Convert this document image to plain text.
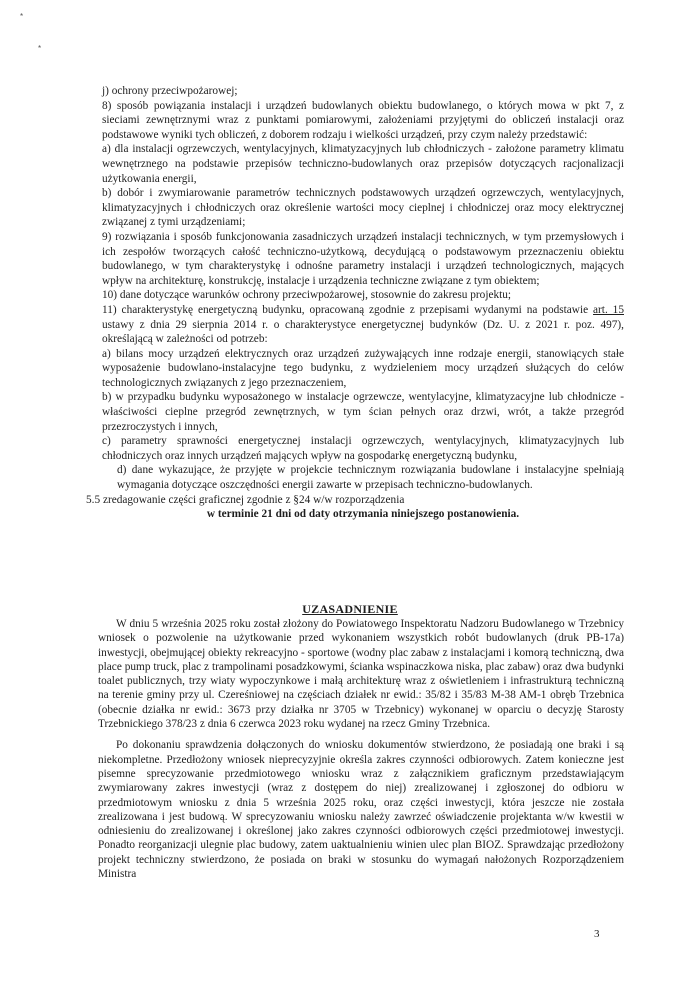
*
*

j) ochrony przeciwpożarowej;

8) sposób powiązania instalacji i urządzeń budowlanych obiektu budowlanego, o których mowa w pkt 7, z sieciami zewnętrznymi wraz z punktami pomiarowymi, założeniami przyjętymi do obliczeń instalacji oraz podstawowe wyniki tych obliczeń, z doborem rodzaju i wielkości urządzeń, przy czym należy przedstawić:

a) dla instalacji ogrzewczych, wentylacyjnych, klimatyzacyjnych lub chłodniczych - założone parametry klimatu wewnętrznego na podstawie przepisów techniczno-budowlanych oraz przepisów dotyczących racjonalizacji użytkowania energii,

b) dobór i zwymiarowanie parametrów technicznych podstawowych urządzeń ogrzewczych, wentylacyjnych, klimatyzacyjnych i chłodniczych oraz określenie wartości mocy cieplnej i chłodniczej oraz mocy elektrycznej związanej z tymi urządzeniami;

9) rozwiązania i sposób funkcjonowania zasadniczych urządzeń instalacji technicznych, w tym przemysłowych i ich zespołów tworzących całość techniczno-użytkową, decydującą o podstawowym przeznaczeniu obiektu budowlanego, w tym charakterystykę i odnośne parametry instalacji i urządzeń technologicznych, mających wpływ na architekturę, konstrukcję, instalacje i urządzenia techniczne związane z tym obiektem;

10) dane dotyczące warunków ochrony przeciwpożarowej, stosownie do zakresu projektu;

11) charakterystykę energetyczną budynku, opracowaną zgodnie z przepisami wydanymi na podstawie art. 15 ustawy z dnia 29 sierpnia 2014 r. o charakterystyce energetycznej budynków (Dz. U. z 2021 r. poz. 497), określającą w zależności od potrzeb:

a) bilans mocy urządzeń elektrycznych oraz urządzeń zużywających inne rodzaje energii, stanowiących stałe wyposażenie budowlano-instalacyjne tego budynku, z wydzieleniem mocy urządzeń służących do celów technologicznych związanych z jego przeznaczeniem,

b) w przypadku budynku wyposażonego w instalacje ogrzewcze, wentylacyjne, klimatyzacyjne lub chłodnicze - właściwości cieplne przegród zewnętrznych, w tym ścian pełnych oraz drzwi, wrót, a także przegród przezroczystych i innych,

c) parametry sprawności energetycznej instalacji ogrzewczych, wentylacyjnych, klimatyzacyjnych lub chłodniczych oraz innych urządzeń mających wpływ na gospodarkę energetyczną budynku,

d) dane wykazujące, że przyjęte w projekcie technicznym rozwiązania budowlane i instalacyjne spełniają wymagania dotyczące oszczędności energii zawarte w przepisach techniczno-budowlanych.

5.5 zredagowanie części graficznej zgodnie z §24 w/w rozporządzenia

w terminie 21 dni od daty otrzymania niniejszego postanowienia.

UZASADNIENIE

W dniu 5 września 2025 roku został złożony do Powiatowego Inspektoratu Nadzoru Budowlanego w Trzebnicy wniosek o pozwolenie na użytkowanie przed wykonaniem wszystkich robót budowlanych (druk PB-17a) inwestycji, obejmującej obiekty rekreacyjno - sportowe (wodny plac zabaw z instalacjami i komorą techniczną, dwa place pump truck, plac z trampolinami posadzkowymi, ścianka wspinaczkowa niska, plac zabaw) oraz dwa budynki toalet publicznych, trzy wiaty wypoczynkowe i małą architekturę wraz z oświetleniem i infrastrukturą techniczną na terenie gminy przy ul. Czereśniowej na częściach działek nr ewid.: 35/82 i 35/83 M-38 AM-1 obręb Trzebnica (obecnie działka nr ewid.: 3673 przy działka nr 3705 w Trzebnicy) wykonanej w oparciu o decyzję Starosty Trzebnickiego 378/23 z dnia 6 czerwca 2023 roku wydanej na rzecz Gminy Trzebnica.

Po dokonaniu sprawdzenia dołączonych do wniosku dokumentów stwierdzono, że posiadają one braki i są niekompletne. Przedłożony wniosek nieprecyzyjnie określa zakres czynności odbiorowych. Zatem konieczne jest pisemne sprecyzowanie przedmiotowego wniosku wraz z załącznikiem graficznym przedstawiającym zwymiarowany zakres inwestycji (wraz z dostępem do niej) zrealizowanej i zgłoszonej do odbioru w przedmiotowym wniosku z dnia 5 września 2025 roku, oraz części inwestycji, która jeszcze nie została zrealizowana i jest budową. W sprecyzowaniu wniosku należy zawrzeć oświadczenie projektanta w/w kwestii w odniesieniu do zrealizowanej i określonej jako zakres czynności odbiorowych części przedmiotowej inwestycji. Ponadto reorganizacji ulegnie plac budowy, zatem uaktualnieniu winien ulec plan BIOZ. Sprawdzając przedłożony projekt techniczny stwierdzono, że posiada on braki w stosunku do wymagań nałożonych Rozporządzeniem Ministra

3
